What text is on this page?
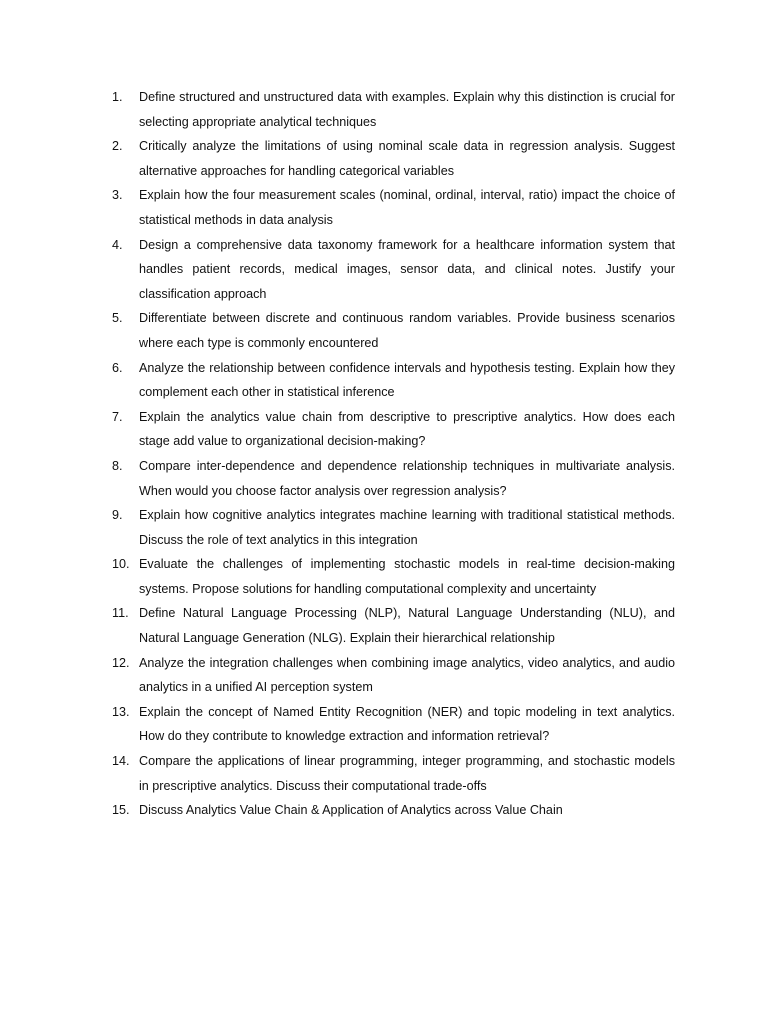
1.	Define structured and unstructured data with examples. Explain why this distinction is crucial for selecting appropriate analytical techniques
2.	Critically analyze the limitations of using nominal scale data in regression analysis. Suggest alternative approaches for handling categorical variables
3.	Explain how the four measurement scales (nominal, ordinal, interval, ratio) impact the choice of statistical methods in data analysis
4.	Design a comprehensive data taxonomy framework for a healthcare information system that handles patient records, medical images, sensor data, and clinical notes. Justify your classification approach
5.	Differentiate between discrete and continuous random variables. Provide business scenarios where each type is commonly encountered
6.	Analyze the relationship between confidence intervals and hypothesis testing. Explain how they complement each other in statistical inference
7.	Explain the analytics value chain from descriptive to prescriptive analytics. How does each stage add value to organizational decision-making?
8.	Compare inter-dependence and dependence relationship techniques in multivariate analysis. When would you choose factor analysis over regression analysis?
9.	Explain how cognitive analytics integrates machine learning with traditional statistical methods. Discuss the role of text analytics in this integration
10. Evaluate the challenges of implementing stochastic models in real-time decision-making systems. Propose solutions for handling computational complexity and uncertainty
11. Define Natural Language Processing (NLP), Natural Language Understanding (NLU), and Natural Language Generation (NLG). Explain their hierarchical relationship
12. Analyze the integration challenges when combining image analytics, video analytics, and audio analytics in a unified AI perception system
13. Explain the concept of Named Entity Recognition (NER) and topic modeling in text analytics. How do they contribute to knowledge extraction and information retrieval?
14. Compare the applications of linear programming, integer programming, and stochastic models in prescriptive analytics. Discuss their computational trade-offs
15. Discuss Analytics Value Chain & Application of Analytics across Value Chain
